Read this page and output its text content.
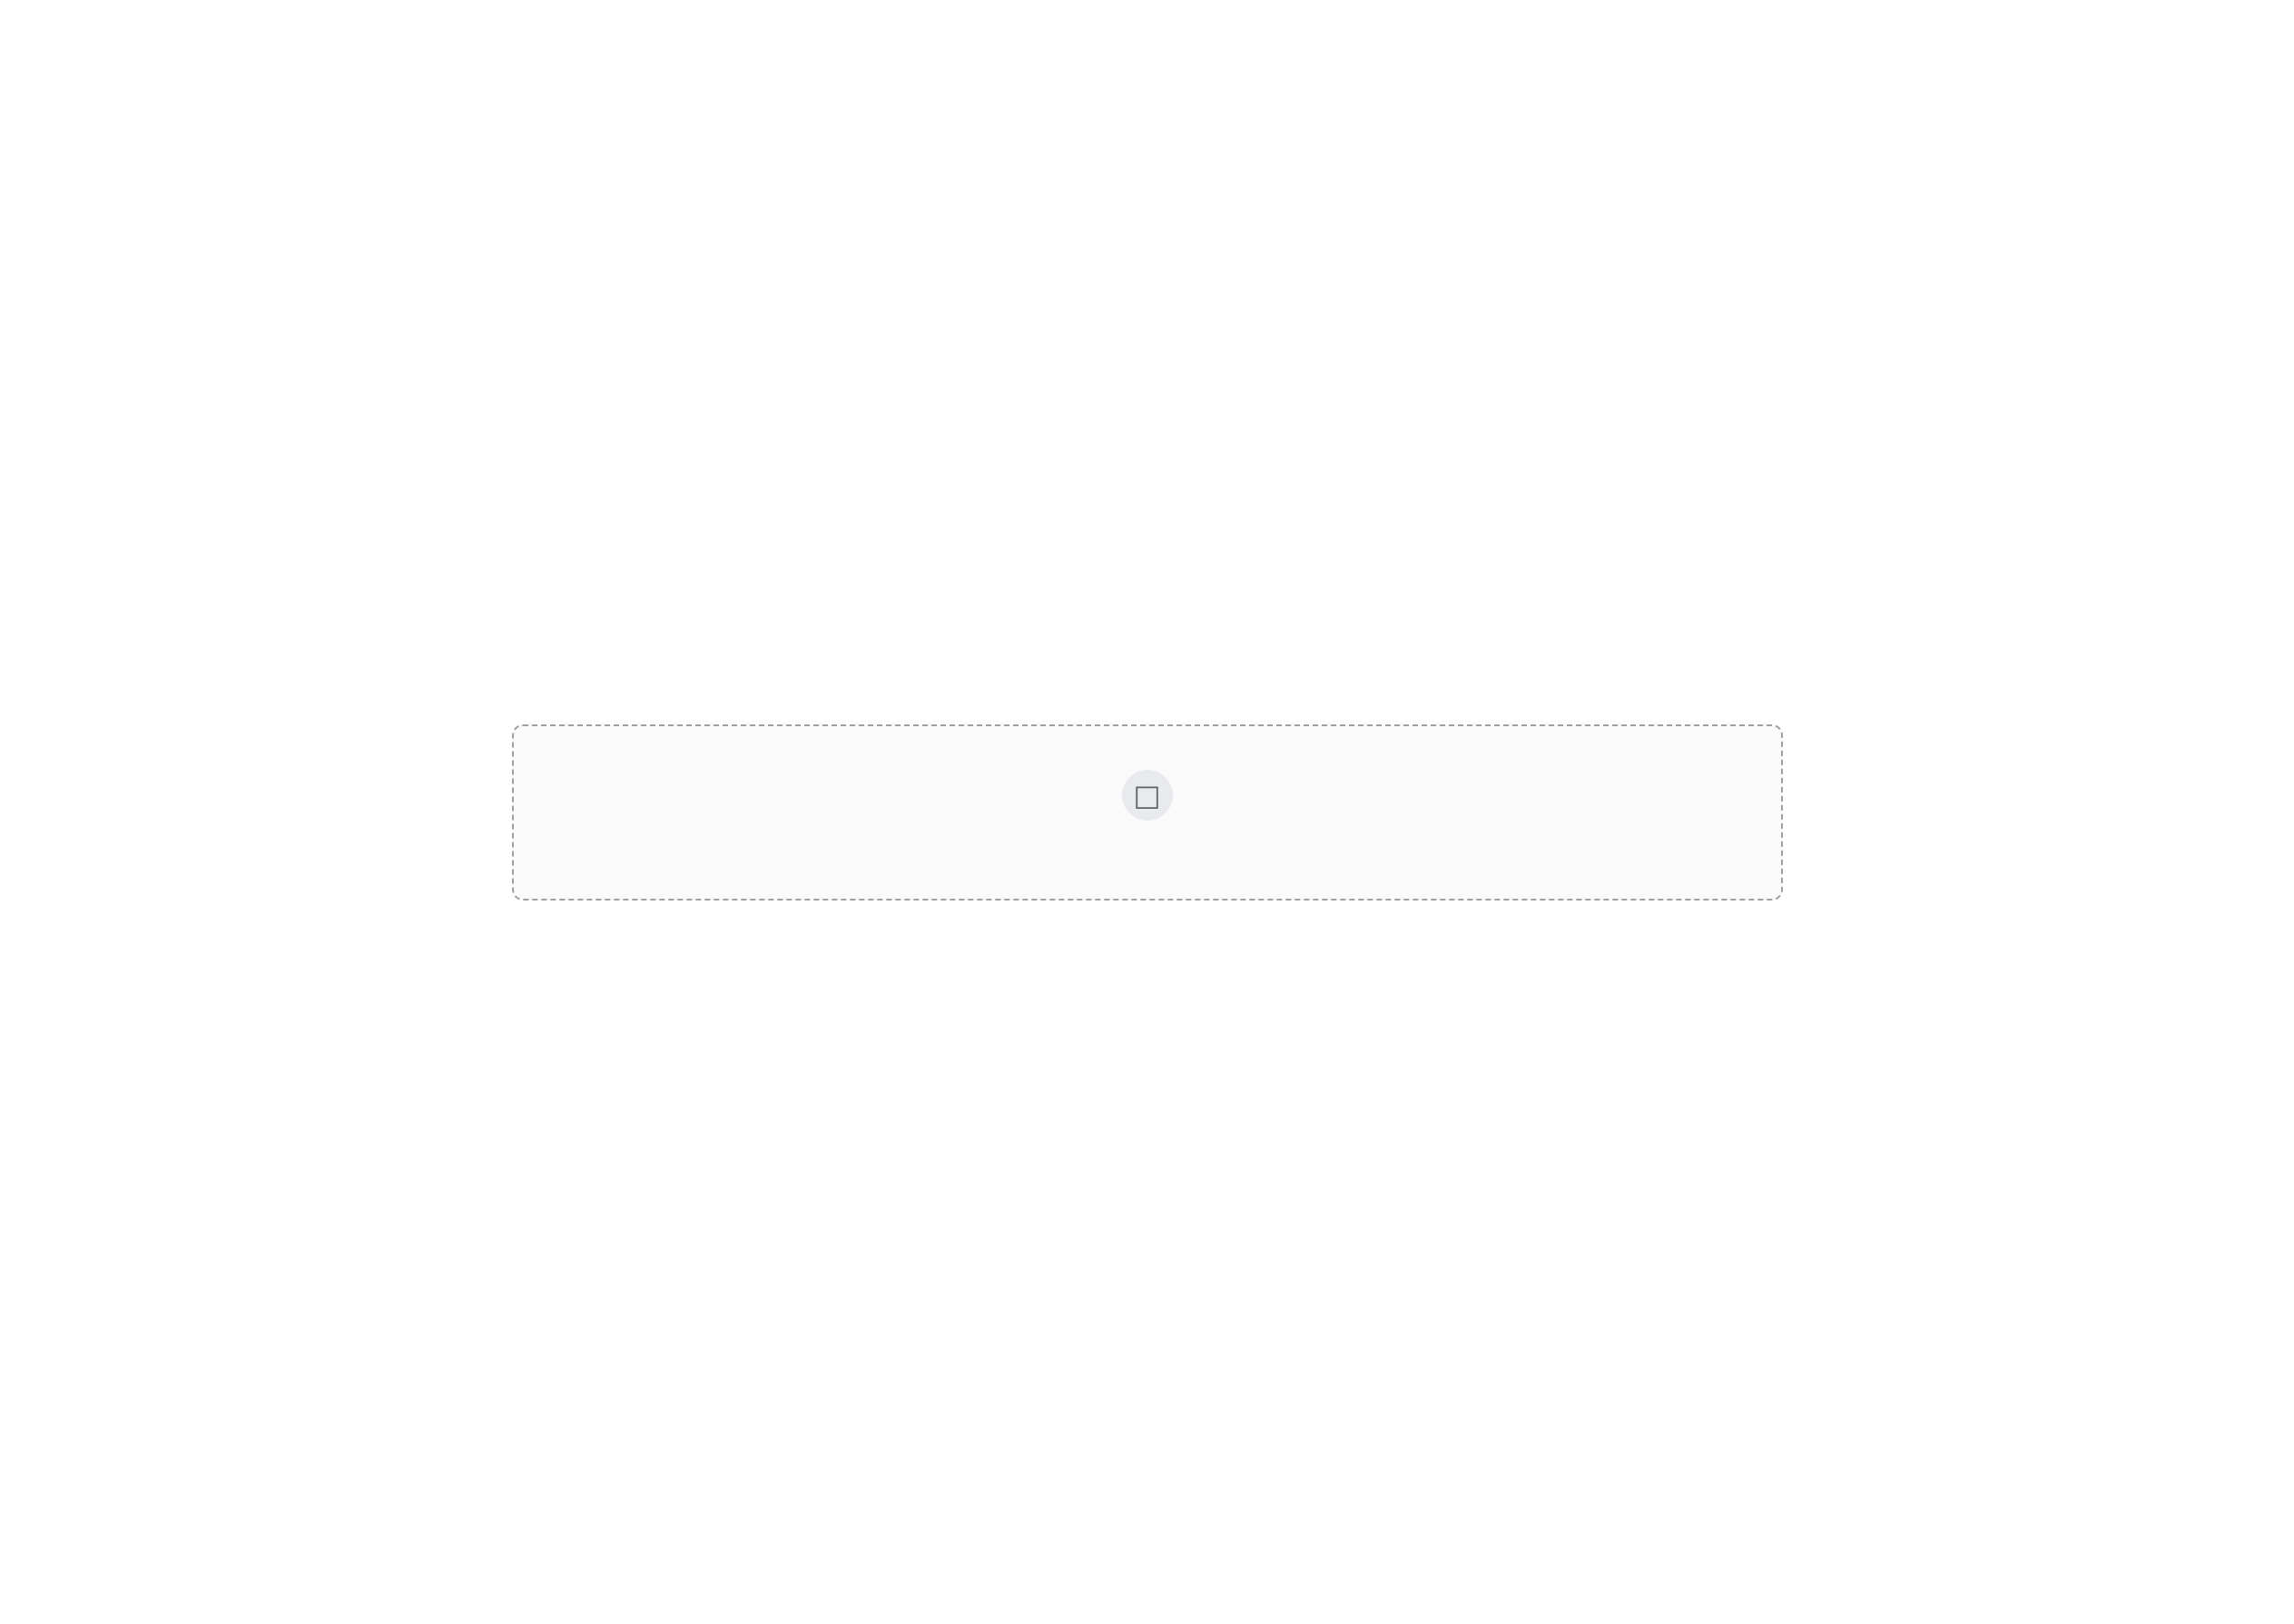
□
